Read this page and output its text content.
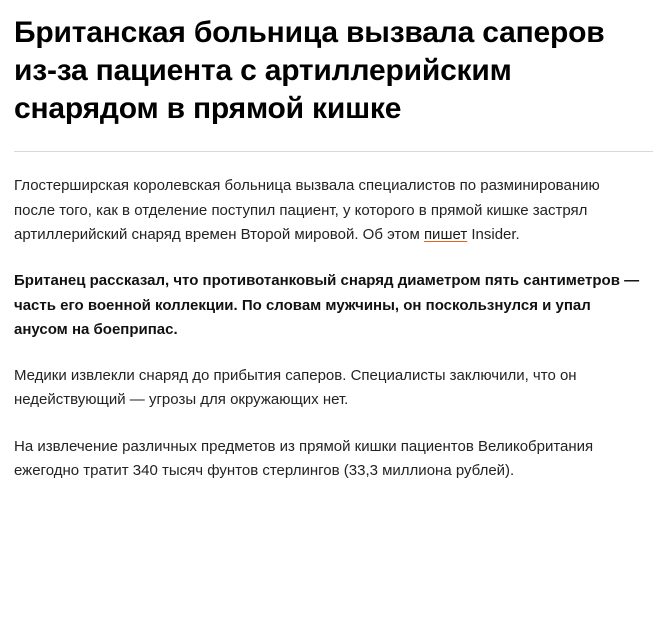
Британская больница вызвала саперов из-за пациента с артиллерийским снарядом в прямой кишке

Глостерширская королевская больница вызвала специалистов по разминированию после того, как в отделение поступил пациент, у которого в прямой кишке застрял артиллерийский снаряд времен Второй мировой. Об этом пишет Insider.

Британец рассказал, что противотанковый снаряд диаметром пять сантиметров — часть его военной коллекции. По словам мужчины, он поскользнулся и упал анусом на боеприпас.

Медики извлекли снаряд до прибытия саперов. Специалисты заключили, что он недействующий — угрозы для окружающих нет.

На извлечение различных предметов из прямой кишки пациентов Великобритания ежегодно тратит 340 тысяч фунтов стерлингов (33,3 миллиона рублей).
